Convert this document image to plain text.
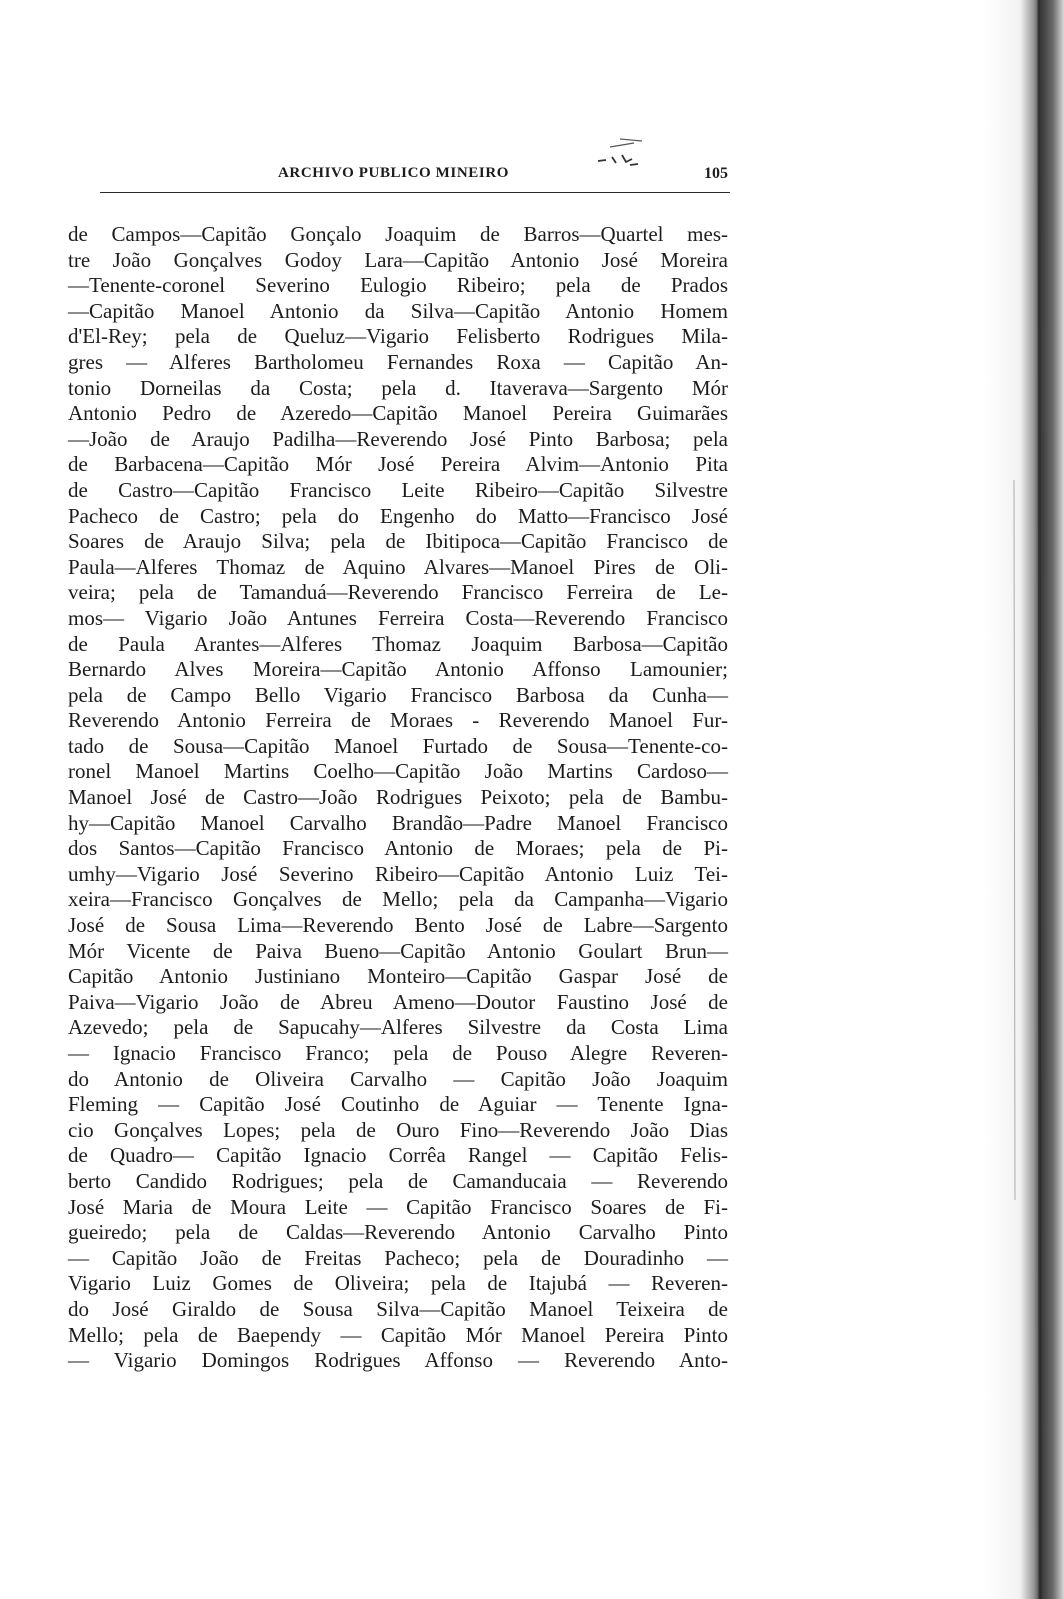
ARCHIVO PUBLICO MINEIRO	105
de Campos—Capitão Gonçalo Joaquim de Barros—Quartel mes-
tre João Gonçalves Godoy Lara—Capitão Antonio José Moreira
—Tenente-coronel Severino Eulogio Ribeiro; pela de Prados
—Capitão Manoel Antonio da Silva—Capitão Antonio Homem
d'El-Rey; pela de Queluz—Vigario Felisberto Rodrigues Mila-
gres — Alferes Bartholomeu Fernandes Roxa — Capitão An-
tonio Dorneilas da Costa; pela d. Itaverava—Sargento Mór
Antonio Pedro de Azeredo—Capitão Manoel Pereira Guimarães
—João de Araujo Padilha—Reverendo José Pinto Barbosa; pela
de Barbacena—Capitão Mór José Pereira Alvim—Antonio Pita
de Castro—Capitão Francisco Leite Ribeiro—Capitão Silvestre
Pacheco de Castro; pela do Engenho do Matto—Francisco José
Soares de Araujo Silva; pela de Ibitipoca—Capitão Francisco de
Paula—Alferes Thomaz de Aquino Alvares—Manoel Pires de Oli-
veira; pela de Tamanduá—Reverendo Francisco Ferreira de Le-
mos— Vigario João Antunes Ferreira Costa—Reverendo Francisco
de Paula Arantes—Alferes Thomaz Joaquim Barbosa—Capitão
Bernardo Alves Moreira—Capitão Antonio Affonso Lamounier;
pela de Campo Bello Vigario Francisco Barbosa da Cunha—
Reverendo Antonio Ferreira de Moraes - Reverendo Manoel Fur-
tado de Sousa—Capitão Manoel Furtado de Sousa—Tenente-co-
ronel Manoel Martins Coelho—Capitão João Martins Cardoso—
Manoel José de Castro—João Rodrigues Peixoto; pela de Bambu-
hy—Capitão Manoel Carvalho Brandão—Padre Manoel Francisco
dos Santos—Capitão Francisco Antonio de Moraes; pela de Pi-
umhy—Vigario José Severino Ribeiro—Capitão Antonio Luiz Tei-
xeira—Francisco Gonçalves de Mello; pela da Campanha—Vigario
José de Sousa Lima—Reverendo Bento José de Labre—Sargento
Mór Vicente de Paiva Bueno—Capitão Antonio Goulart Brun—
Capitão Antonio Justiniano Monteiro—Capitão Gaspar José de
Paiva—Vigario João de Abreu Ameno—Doutor Faustino José de
Azevedo; pela de Sapucahy—Alferes Silvestre da Costa Lima
— Ignacio Francisco Franco; pela de Pouso Alegre Reveren-
do Antonio de Oliveira Carvalho — Capitão João Joaquim
Fleming — Capitão José Coutinho de Aguiar — Tenente Igna-
cio Gonçalves Lopes; pela de Ouro Fino—Reverendo João Dias
de Quadro— Capitão Ignacio Corrêa Rangel — Capitão Felis-
berto Candido Rodrigues; pela de Camanducaia — Reverendo
José Maria de Moura Leite — Capitão Francisco Soares de Fi-
gueiredo; pela de Caldas—Reverendo Antonio Carvalho Pinto
— Capitão João de Freitas Pacheco; pela de Douradinho —
Vigario Luiz Gomes de Oliveira; pela de Itajubá — Reveren-
do José Giraldo de Sousa Silva—Capitão Manoel Teixeira de
Mello; pela de Baependy — Capitão Mór Manoel Pereira Pinto
— Vigario Domingos Rodrigues Affonso — Reverendo Anto-
